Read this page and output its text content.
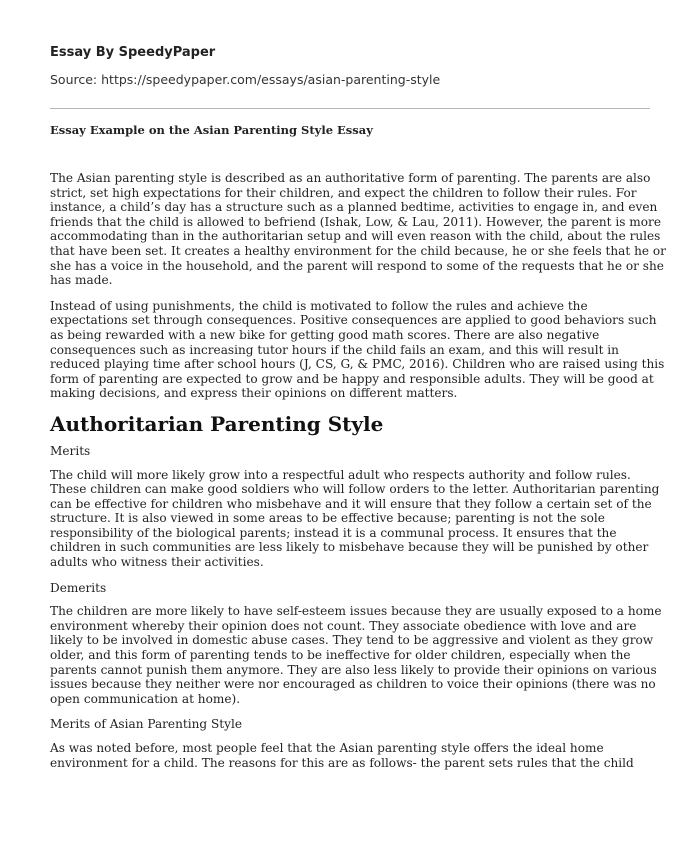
Essay By SpeedyPaper
Source: https://speedypaper.com/essays/asian-parenting-style
Essay Example on the Asian Parenting Style Essay

The Asian parenting style is described as an authoritative form of parenting. The parents are also strict, set high expectations for their children, and expect the children to follow their rules. For instance, a child’s day has a structure such as a planned bedtime, activities to engage in, and even friends that the child is allowed to befriend (Ishak, Low, & Lau, 2011). However, the parent is more accommodating than in the authoritarian setup and will even reason with the child, about the rules that have been set. It creates a healthy environment for the child because, he or she feels that he or she has a voice in the household, and the parent will respond to some of the requests that he or she has made.

Instead of using punishments, the child is motivated to follow the rules and achieve the expectations set through consequences. Positive consequences are applied to good behaviors such as being rewarded with a new bike for getting good math scores. There are also negative consequences such as increasing tutor hours if the child fails an exam, and this will result in reduced playing time after school hours (J, CS, G, & PMC, 2016). Children who are raised using this form of parenting are expected to grow and be happy and responsible adults. They will be good at making decisions, and express their opinions on different matters.

Authoritarian Parenting Style

Merits

The child will more likely grow into a respectful adult who respects authority and follow rules. These children can make good soldiers who will follow orders to the letter. Authoritarian parenting can be effective for children who misbehave and it will ensure that they follow a certain set of the structure. It is also viewed in some areas to be effective because; parenting is not the sole responsibility of the biological parents; instead it is a communal process. It ensures that the children in such communities are less likely to misbehave because they will be punished by other adults who witness their activities.

Demerits

The children are more likely to have self-esteem issues because they are usually exposed to a home environment whereby their opinion does not count. They associate obedience with love and are likely to be involved in domestic abuse cases. They tend to be aggressive and violent as they grow older, and this form of parenting tends to be ineffective for older children, especially when the parents cannot punish them anymore. They are also less likely to provide their opinions on various issues because they neither were nor encouraged as children to voice their opinions (there was no open communication at home).

Merits of Asian Parenting Style

As was noted before, most people feel that the Asian parenting style offers the ideal home environment for a child. The reasons for this are as follows- the parent sets rules that the child
